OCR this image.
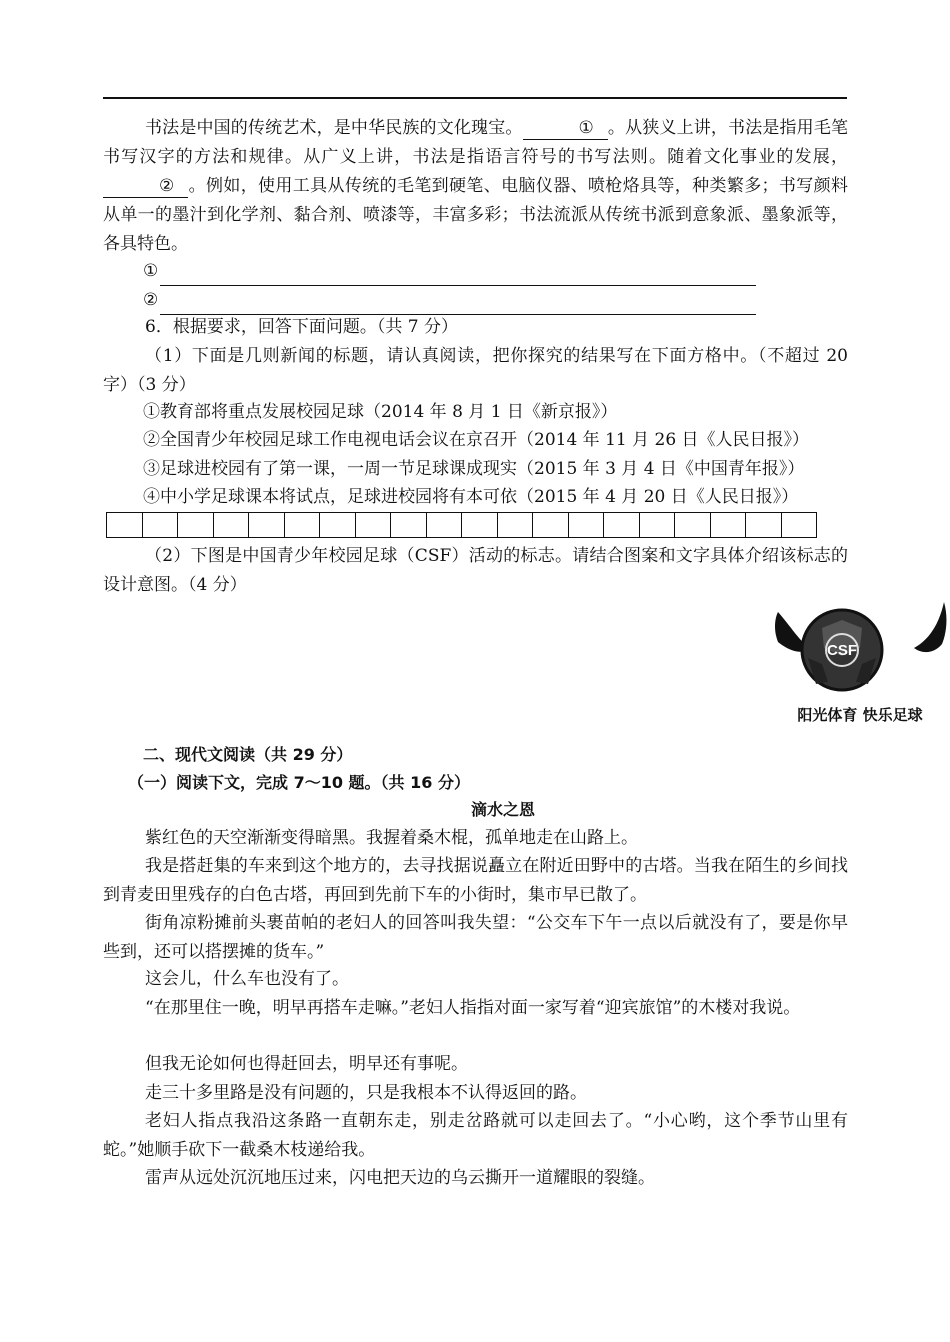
书法是中国的传统艺术，是中华民族的文化瑰宝。	① 。从狭义上讲，书法是指用毛笔书写汉字的方法和规律。从广义上讲，书法是指语言符号的书写法则。随着文化事业的发展，② 。例如，使用工具从传统的毛笔到硬笔、电脑仪器、喷枪烙具等，种类繁多；书写颜料从单一的墨汁到化学剂、黏合剂、喷漆等，丰富多彩；书法流派从传统书派到意象派、墨象派等，各具特色。
①
②
6．根据要求，回答下面问题。（共 7 分）
（1）下面是几则新闻的标题，请认真阅读，把你探究的结果写在下面方格中。（不超过 20 字）（3 分）
①教育部将重点发展校园足球（2014 年 8 月 1 日《新京报》）
②全国青少年校园足球工作电视电话会议在京召开（2014 年 11 月 26 日《人民日报》）
③足球进校园有了第一课，一周一节足球课成现实（2015 年 3 月 4 日《中国青年报》）
④中小学足球课本将试点，足球进校园将有本可依（2015 年 4 月 20 日《人民日报》）
（2）下图是中国青少年校园足球（CSF）活动的标志。请结合图案和文字具体介绍该标志的设计意图。（4 分）
CSF
阳光体育 快乐足球
二、现代文阅读（共 29 分）
（一）阅读下文，完成 7～10 题。（共 16 分）
滴水之恩
紫红色的天空渐渐变得暗黑。我握着桑木棍，孤单地走在山路上。
我是搭赶集的车来到这个地方的，去寻找据说矗立在附近田野中的古塔。当我在陌生的乡间找到青麦田里残存的白色古塔，再回到先前下车的小街时，集市早已散了。
街角凉粉摊前头裹苗帕的老妇人的回答叫我失望：“公交车下午一点以后就没有了，要是你早些到，还可以搭摆摊的货车。”
这会儿，什么车也没有了。
“在那里住一晚，明早再搭车走嘛。”老妇人指指对面一家写着“迎宾旅馆”的木楼对我说。
但我无论如何也得赶回去，明早还有事呢。
走三十多里路是没有问题的，只是我根本不认得返回的路。
老妇人指点我沿这条路一直朝东走，别走岔路就可以走回去了。“小心哟，这个季节山里有蛇。”她顺手砍下一截桑木枝递给我。
雷声从远处沉沉地压过来，闪电把天边的乌云撕开一道耀眼的裂缝。
